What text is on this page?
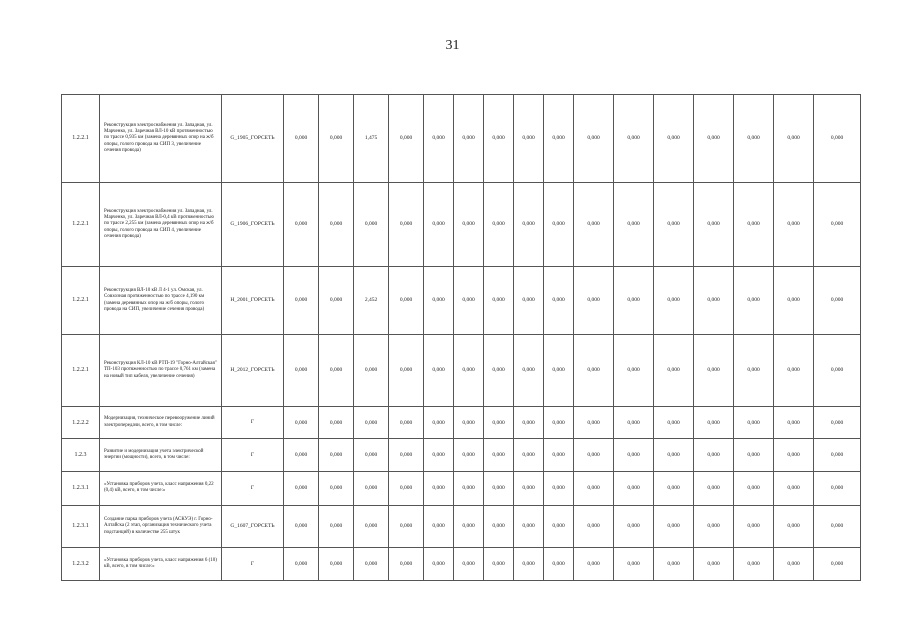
31
1.2.2.1	Реконструкция электроснабжения ул. Западная, ул. Марченко, ул. Заречная ВЛ-10 кВ протяженностью по трассе 0,935 км (замена деревянных опор на ж/б опоры, голого провода на СИП 3, увеличение сечения провода)	G_1905_ГОРСЕТЬ	0,000	0,000	1,475	0,000	0,000	0,000	0,000	0,000	0,000	0,000	0,000	0,000	0,000	0,000	0,000	0,000	
1.2.2.1	Реконструкция электроснабжения ул. Западная, ул. Марченко, ул. Заречная ВЛ-0,4 кВ протяженностью по трассе 2,255 км (замена деревянных опор на ж/б опоры, голого провода на СИП 4, увеличение сечения провода)	G_1906_ГОРСЕТЬ	0,000	0,000	0,000	0,000	0,000	0,000	0,000	0,000	0,000	0,000	0,000	0,000	0,000	0,000	0,000	0,000	
1.2.2.1	Реконструкция ВЛ-10 кВ Л 4-1 ул. Омская, ул. Совхозная протяженностью по трассе 4,190 км (замена деревянных опор на ж/б опоры, голого провода на СИП, увеличение сечения провода)	H_2001_ГОРСЕТЬ	0,000	0,000	2,452	0,000	0,000	0,000	0,000	0,000	0,000	0,000	0,000	0,000	0,000	0,000	0,000	0,000	
1.2.2.1	Реконструкция КЛ-10 кВ РТП-19 "Горно-Алтайская" ТП-103 протяженностью по трассе 0,761 км (замена на новый тип кабеля, увеличение сечения)	H_2012_ГОРСЕТЬ	0,000	0,000	0,000	0,000	0,000	0,000	0,000	0,000	0,000	0,000	0,000	0,000	0,000	0,000	0,000	0,000	
1.2.2.2	Модернизация, техническое перевооружение линий электропередачи, всего, в том числе:	Г	0,000	0,000	0,000	0,000	0,000	0,000	0,000	0,000	0,000	0,000	0,000	0,000	0,000	0,000	0,000	0,000	
1.2.3	Развитие и модернизация учета электрической энергии (мощности), всего, в том числе:	Г	0,000	0,000	0,000	0,000	0,000	0,000	0,000	0,000	0,000	0,000	0,000	0,000	0,000	0,000	0,000	0,000	
1.2.3.1	«Установка приборов учета, класс напряжения 0,22 (0,4) кВ, всего, в том числе:»	Г	0,000	0,000	0,000	0,000	0,000	0,000	0,000	0,000	0,000	0,000	0,000	0,000	0,000	0,000	0,000	0,000	
1.2.3.1	Создание парка приборов учета (АСКУЭ) г. Горно-Алтайска (2 этап, организация технического учета подстанций) в количестве 255 штук	G_1607_ГОРСЕТЬ	0,000	0,000	0,000	0,000	0,000	0,000	0,000	0,000	0,000	0,000	0,000	0,000	0,000	0,000	0,000	0,000	
1.2.3.2	«Установка приборов учета, класс напряжения 6 (10) кВ, всего, в том числе:»	Г	0,000	0,000	0,000	0,000	0,000	0,000	0,000	0,000	0,000	0,000	0,000	0,000	0,000	0,000	0,000	0,000	
